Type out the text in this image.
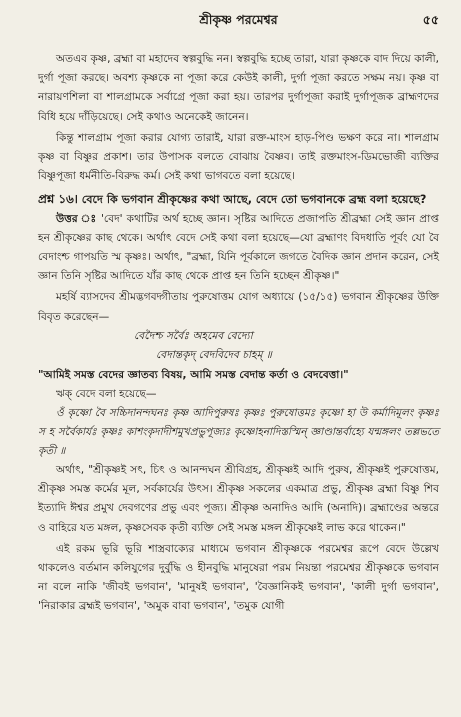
শ্রীকৃষ্ণ পরমেশ্বর	৫৫

অতএব কৃষ্ণ, ব্রহ্মা বা মহাদেব স্বল্পবুদ্ধি নন। স্বল্পবুদ্ধি হচ্ছে তারা, যারা কৃষ্ণকে বাদ দিয়ে কালী, দুর্গা পূজা করছে। অবশ্য কৃষ্ণকে না পূজা করে কেউই কালী, দুর্গা পূজা করতে সক্ষম নয়। কৃষ্ণ বা নারায়ণশিলা বা শালগ্রামকে সর্বাগ্রে পূজা করা হয়। তারপর দুর্গাপূজা করাই দুর্গাপূজক ব্রাহ্মণদের বিধি হয়ে দাঁড়িয়েছে। সেই কথাও অনেকেই জানেন।

কিন্তু শালগ্রাম পূজা করার যোগ্য তারাই, যারা রক্ত-মাংস হাড়-পিণ্ড ভক্ষণ করে না। শালগ্রাম কৃষ্ণ বা বিষ্ণুর প্রকাশ। তার উপাসক বলতে বোঝায় বৈষ্ণব। তাই রক্তমাংস-ডিমভোজী ব্যক্তির বিষ্ণুপূজা ধর্মনীতি-বিরুদ্ধ কর্ম। সেই কথা ভাগবতে বলা হয়েছে।

প্রশ্ন ১৬। বেদে কি ভগবান শ্রীকৃষ্ণের কথা আছে, বেদে তো ভগবানকে ব্রহ্ম বলা হয়েছে?

উত্তর ঃ 'বেদ' কথাটির অর্থ হচ্ছে জ্ঞান। সৃষ্টির আদিতে প্রজাপতি শ্রীব্রহ্মা সেই জ্ঞান প্রাপ্ত হন শ্রীকৃষ্ণের কাছ থেকে। অর্থাৎ বেদে সেই কথা বলা হয়েছে—যো ব্রহ্মাণং বিদধাতি পূর্বং যো বৈ বেদাংশ্চ গাপয়তি স্ম কৃষ্ণঃ। অর্থাৎ, "ব্রহ্মা, যিনি পূর্বকালে জগতে বৈদিক জ্ঞান প্রদান করেন, সেই জ্ঞান তিনি সৃষ্টির আদিতে যাঁর কাছ থেকে প্রাপ্ত হন তিনি হচ্ছেন শ্রীকৃষ্ণ।"

মহর্ষি ব্যাসদেব শ্রীমদ্ভগবদ্গীতায় পুরুষোত্তম যোগ অধ্যায়ে (১৫/১৫) ভগবান শ্রীকৃষ্ণের উক্তি বিবৃত করেছেন—

বেদৈশ্চ সর্বৈঃ অহমেব বেদ্যো
বেদান্তকৃদ্ বেদবিদেব চাহম্ ॥
"আমিই সমস্ত বেদের জ্ঞাতব্য বিষয়, আমি সমস্ত বেদান্ত কর্তা ও বেদবেত্তা।"

ঋক্ বেদে বলা হয়েছে—

ওঁ কৃষ্ণো বৈ সচ্চিদানন্দঘনঃ কৃষ্ণ আদিপুরুষঃ কৃষ্ণঃ পুরুষোত্তমঃ কৃষ্ণো হা উ কর্মাদিমূলং কৃষ্ণঃ স হ সর্বৈকার্যঃ কৃষ্ণঃ কাশংকৃদাদীশমুখপ্রভুপূজ্যঃ কৃষ্ণোহনাদিস্তস্মিন্ জ্ঞাণ্ডান্তর্বাহ্যে যন্মঙ্গলং তল্লভতে কৃতী ॥

অর্থাৎ, "শ্রীকৃষ্ণই সৎ, চিৎ ও আনন্দঘন শ্রীবিগ্রহ, শ্রীকৃষ্ণই আদি পুরুষ, শ্রীকৃষ্ণই পুরুষোত্তম, শ্রীকৃষ্ণ সমস্ত কর্মের মূল, সর্বকার্যের উৎস। শ্রীকৃষ্ণ সকলের একমাত্র প্রভু, শ্রীকৃষ্ণ ব্রহ্মা বিষ্ণু শিব ইত্যাদি ঈশ্বর প্রমুখ দেবগণের প্রভু এবং পূজ্য। শ্রীকৃষ্ণ অনাদিও আদি (অনাদি)। ব্রহ্মাণ্ডের অন্তরে ও বাহিরে যত মঙ্গল, কৃষ্ণসেবক কৃতী ব্যক্তি সেই সমস্ত মঙ্গল শ্রীকৃষ্ণেই লাভ করে থাকেন।"

এই রকম ভূরি ভূরি শাস্ত্রবাক্যের মাধ্যমে ভগবান শ্রীকৃষ্ণকে পরমেশ্বর রূপে বেদে উল্লেখ থাকলেও বর্তমান কলিযুগের দুর্বুদ্ধি ও হীনবুদ্ধি মানুষেরা পরম নিয়ন্তা পরমেশ্বর শ্রীকৃষ্ণকে ভগবান না বলে নাকি 'জীবই ভগবান', 'মানুষই ভগবান', 'বৈজ্ঞানিকই ভগবান', 'কালী দুর্গা ভগবান', 'নিরাকার ব্রহ্মই ভগবান', 'অমুক বাবা ভগবান', 'তমুক যোগী
